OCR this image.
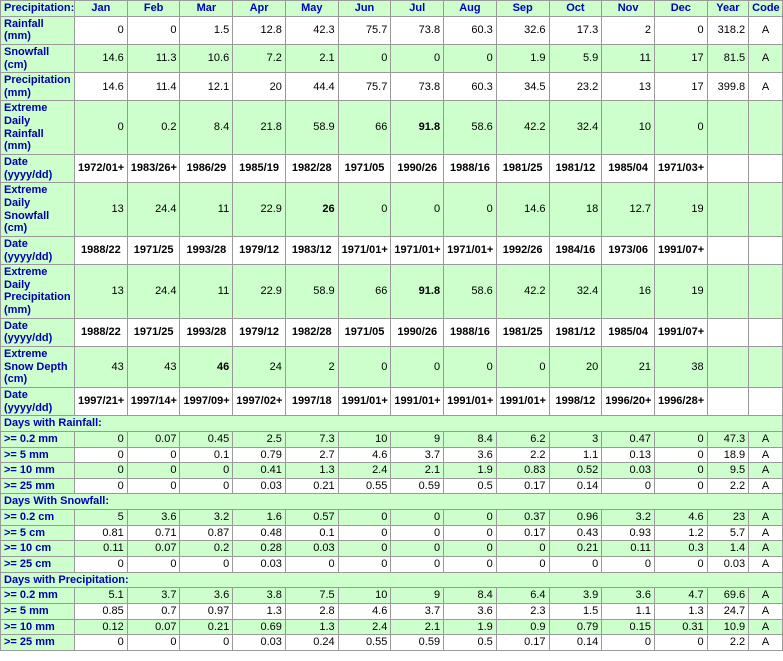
Precipitation:	Jan	Feb	Mar	Apr	May	Jun	Jul	Aug	Sep	Oct	Nov	Dec	Year	Code
Rainfall (mm)	0	0	1.5	12.8	42.3	75.7	73.8	60.3	32.6	17.3	2	0	318.2	A
Snowfall (cm)	14.6	11.3	10.6	7.2	2.1	0	0	0	1.9	5.9	11	17	81.5	A
Precipitation (mm)	14.6	11.4	12.1	20	44.4	75.7	73.8	60.3	34.5	23.2	13	17	399.8	A
Extreme Daily Rainfall (mm)	0	0.2	8.4	21.8	58.9	66	91.8	58.6	42.2	32.4	10	0		
Date (yyyy/dd)	1972/01+	1983/26+	1986/29	1985/19	1982/28	1971/05	1990/26	1988/16	1981/25	1981/12	1985/04	1971/03+		
Extreme Daily Snowfall (cm)	13	24.4	11	22.9	26	0	0	0	14.6	18	12.7	19		
Date (yyyy/dd)	1988/22	1971/25	1993/28	1979/12	1983/12	1971/01+	1971/01+	1971/01+	1992/26	1984/16	1973/06	1991/07+		
Extreme Daily Precipitation (mm)	13	24.4	11	22.9	58.9	66	91.8	58.6	42.2	32.4	16	19		
Date (yyyy/dd)	1988/22	1971/25	1993/28	1979/12	1982/28	1971/05	1990/26	1988/16	1981/25	1981/12	1985/04	1991/07+		
Extreme Snow Depth (cm)	43	43	46	24	2	0	0	0	0	20	21	38		
Date (yyyy/dd)	1997/21+	1997/14+	1997/09+	1997/02+	1997/18	1991/01+	1991/01+	1991/01+	1991/01+	1998/12	1996/20+	1996/28+		
Days with Rainfall:														
>= 0.2 mm	0	0.07	0.45	2.5	7.3	10	9	8.4	6.2	3	0.47	0	47.3	A
>= 5 mm	0	0	0.1	0.79	2.7	4.6	3.7	3.6	2.2	1.1	0.13	0	18.9	A
>= 10 mm	0	0	0	0.41	1.3	2.4	2.1	1.9	0.83	0.52	0.03	0	9.5	A
>= 25 mm	0	0	0	0.03	0.21	0.55	0.59	0.5	0.17	0.14	0	0	2.2	A
Days With Snowfall:														
>= 0.2 cm	5	3.6	3.2	1.6	0.57	0	0	0	0.37	0.96	3.2	4.6	23	A
>= 5 cm	0.81	0.71	0.87	0.48	0.1	0	0	0	0.17	0.43	0.93	1.2	5.7	A
>= 10 cm	0.11	0.07	0.2	0.28	0.03	0	0	0	0	0.21	0.11	0.3	1.4	A
>= 25 cm	0	0	0	0.03	0	0	0	0	0	0	0	0	0.03	A
Days with Precipitation:														
>= 0.2 mm	5.1	3.7	3.6	3.8	7.5	10	9	8.4	6.4	3.9	3.6	4.7	69.6	A
>= 5 mm	0.85	0.7	0.97	1.3	2.8	4.6	3.7	3.6	2.3	1.5	1.1	1.3	24.7	A
>= 10 mm	0.12	0.07	0.21	0.69	1.3	2.4	2.1	1.9	0.9	0.79	0.15	0.31	10.9	A
>= 25 mm	0	0	0	0.03	0.24	0.55	0.59	0.5	0.17	0.14	0	0	2.2	A
